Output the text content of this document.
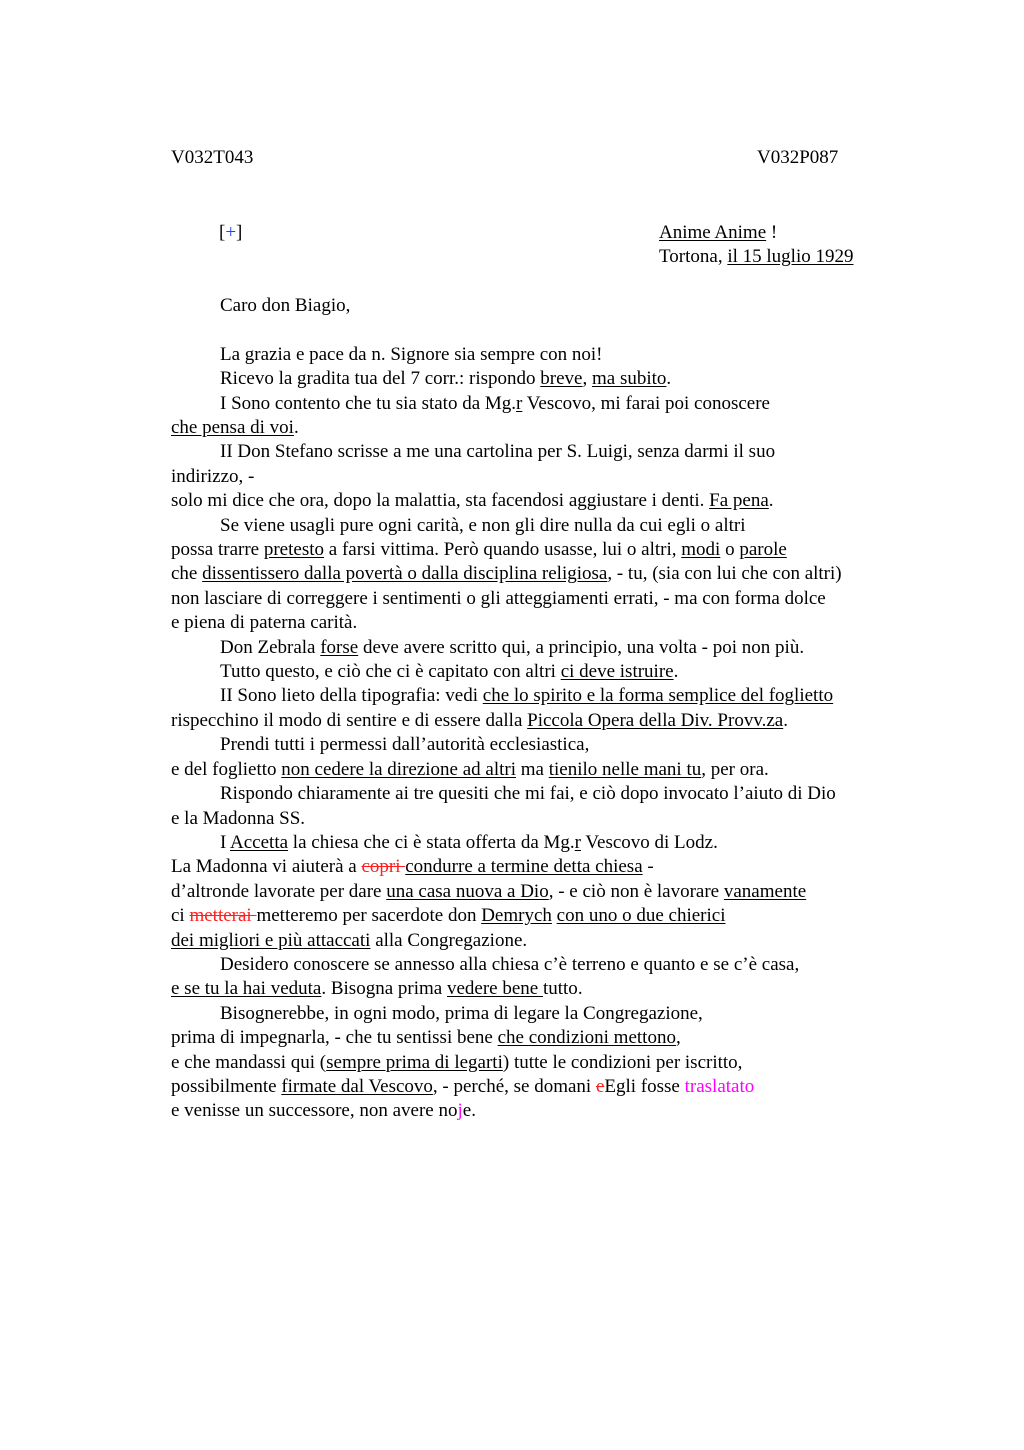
V032T043	V032P087
[+]	Anime Anime !
Tortona, il 15 luglio 1929
Caro don Biagio,
La grazia e pace da n. Signore sia sempre con noi!
Ricevo la gradita tua del 7 corr.: rispondo breve, ma subito.
I Sono contento che tu sia stato da Mg.r Vescovo, mi farai poi conoscere
che pensa di voi.
II Don Stefano scrisse a me una cartolina per S. Luigi, senza darmi il suo
indirizzo, -
solo mi dice che ora, dopo la malattia, sta facendosi aggiustare i denti. Fa pena.
Se viene usagli pure ogni carità, e non gli dire nulla da cui egli o altri
possa trarre pretesto a farsi vittima. Però quando usasse, lui o altri, modi o parole
che dissentissero dalla povertà o dalla disciplina religiosa, - tu, (sia con lui che con altri)
non lasciare di correggere i sentimenti o gli atteggiamenti errati, - ma con forma dolce
e piena di paterna carità.
Don Zebrala forse deve avere scritto qui, a principio, una volta - poi non più.
Tutto questo, e ciò che ci è capitato con altri ci deve istruire.
II Sono lieto della tipografia: vedi che lo spirito e la forma semplice del foglietto
rispecchino il modo di sentire e di essere dalla Piccola Opera della Div. Provv.za.
Prendi tutti i permessi dall’autorità ecclesiastica,
e del foglietto non cedere la direzione ad altri ma tienilo nelle mani tu, per ora.
Rispondo chiaramente ai tre quesiti che mi fai, e ciò dopo invocato l’aiuto di Dio
e la Madonna SS.
I Accetta la chiesa che ci è stata offerta da Mg.r Vescovo di Lodz.
La Madonna vi aiuterà a copri condurre a termine detta chiesa -
d’altronde lavorate per dare una casa nuova a Dio, - e ciò non è lavorare vanamente
ci metterai metteremo per sacerdote don Demrych con uno o due chierici
dei migliori e più attaccati alla Congregazione.
Desidero conoscere se annesso alla chiesa c’è terreno e quanto e se c’è casa,
e se tu la hai veduta. Bisogna prima vedere bene tutto.
Bisognerebbe, in ogni modo, prima di legare la Congregazione,
prima di impegnarla, - che tu sentissi bene che condizioni mettono,
e che mandassi qui (sempre prima di legarti) tutte le condizioni per iscritto,
possibilmente firmate dal Vescovo, - perché, se domani eEgli fosse traslatato
e venisse un successore, non avere noje.
